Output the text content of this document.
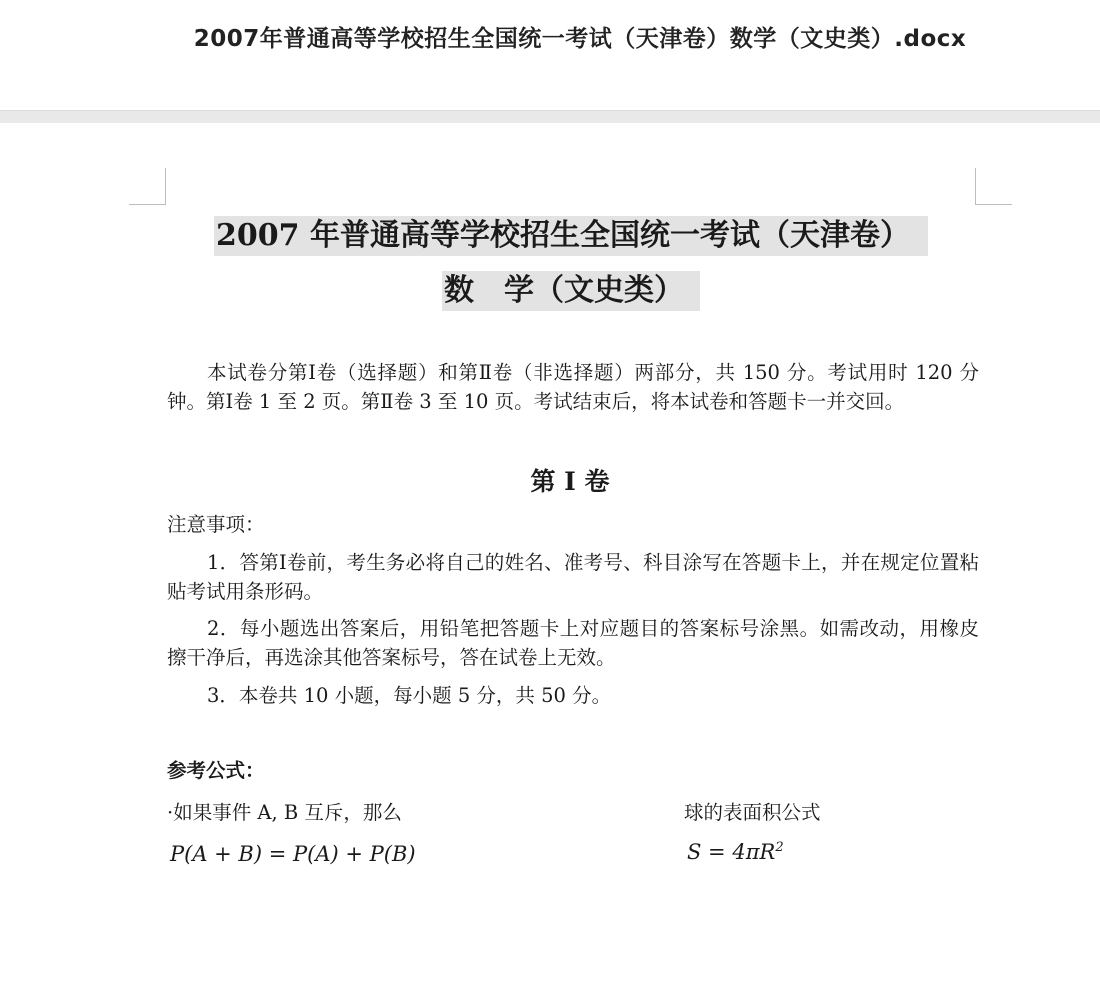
2007年普通高等学校招生全国统一考试（天津卷）数学（文史类）.docx
2007 年普通高等学校招生全国统一考试（天津卷）
数　学（文史类）
本试卷分第Ⅰ卷（选择题）和第Ⅱ卷（非选择题）两部分，共 150 分。考试用时 120 分钟。第Ⅰ卷 1 至 2 页。第Ⅱ卷 3 至 10 页。考试结束后，将本试卷和答题卡一并交回。
第 I 卷
注意事项：
1．答第Ⅰ卷前，考生务必将自己的姓名、准考号、科目涂写在答题卡上，并在规定位置粘贴考试用条形码。
2．每小题选出答案后，用铅笔把答题卡上对应题目的答案标号涂黑。如需改动，用橡皮擦干净后，再选涂其他答案标号，答在试卷上无效。
3．本卷共 10 小题，每小题 5 分，共 50 分。
参考公式：
·如果事件 A, B 互斥，那么	球的表面积公式
P(A + B) = P(A) + P(B)	$S = 4\pi R^2$
